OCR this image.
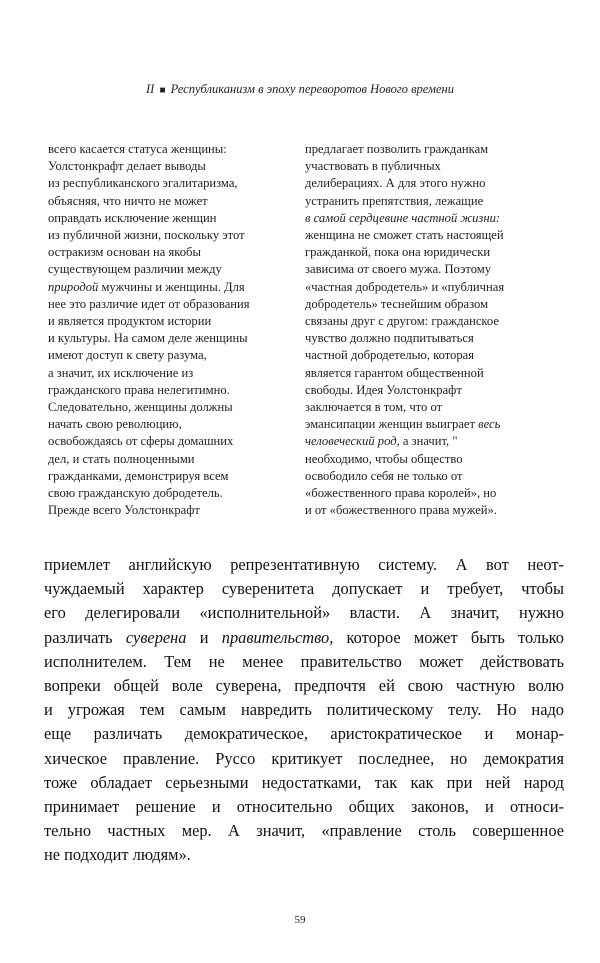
II ■ Республиканизм в эпоху переворотов Нового времени
всего касается статуса женщины:
Уолстонкрафт делает выводы
из республиканского эгалитаризма,
объясняя, что ничто не может
оправдать исключение женщин
из публичной жизни, поскольку этот
остракизм основан на якобы
существующем различии между
природой мужчины и женщины. Для
нее это различие идет от образования
и является продуктом истории
и культуры. На самом деле женщины
имеют доступ к свету разума,
а значит, их исключение из
гражданского права нелегитимно.
Следовательно, женщины должны
начать свою революцию,
освобождаясь от сферы домашних
дел, и стать полноценными
гражданками, демонстрируя всем
свою гражданскую добродетель.
Прежде всего Уолстонкрафт
предлагает позволить гражданкам
участвовать в публичных
делиберациях. А для этого нужно
устранить препятствия, лежащие
в самой сердцевине частной жизни:
женщина не сможет стать настоящей
гражданкой, пока она юридически
зависима от своего мужа. Поэтому
«частная добродетель» и «публичная
добродетель» теснейшим образом
связаны друг с другом: гражданское
чувство должно подпитываться
частной добродетелью, которая
является гарантом общественной
свободы. Идея Уолстонкрафт
заключается в том, что от
эмансипации женщин выиграет весь
человеческий род, а значит, "
необходимо, чтобы общество
освободило себя не только от
«божественного права королей», но
и от «божественного права мужей».
приемлет английскую репрезентативную систему. А вот неот-
чуждаемый характер суверенитета допускает и требует, чтобы
его делегировали «исполнительной» власти. А значит, нужно
различать суверена и правительство, которое может быть только
исполнителем. Тем не менее правительство может действовать
вопреки общей воле суверена, предпочтя ей свою частную волю
и угрожая тем самым навредить политическому телу. Но надо
еще различать демократическое, аристократическое и монар-
хическое правление. Руссо критикует последнее, но демократия
тоже обладает серьезными недостатками, так как при ней народ
принимает решение и относительно общих законов, и относи-
тельно частных мер. А значит, «правление столь совершенное
не подходит людям».
59
